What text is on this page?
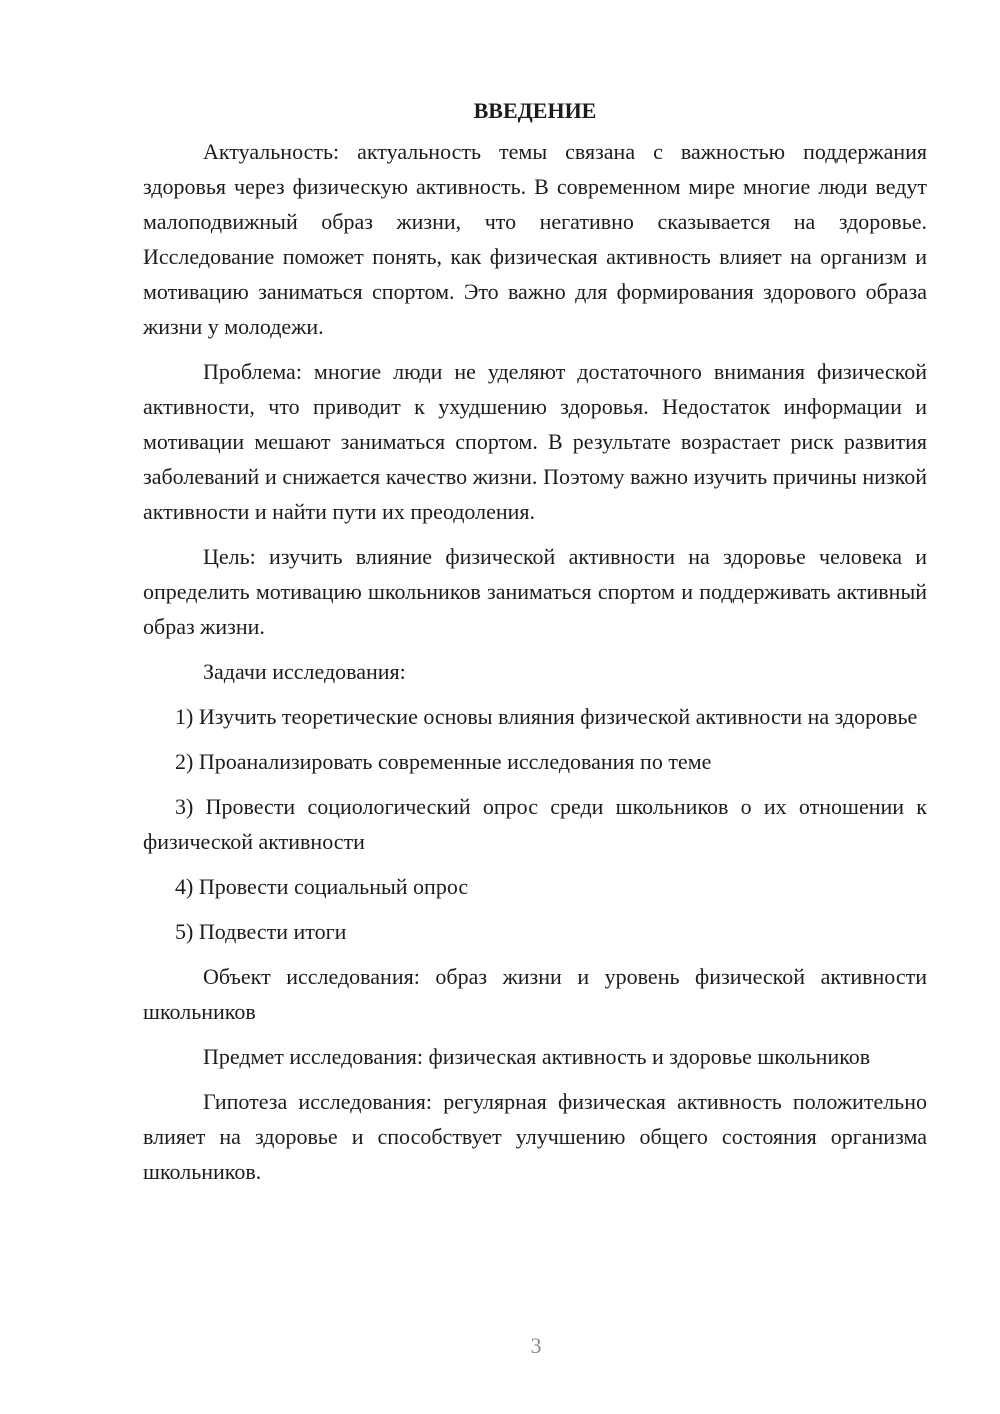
ВВЕДЕНИЕ

Актуальность: актуальность темы связана с важностью поддержания здоровья через физическую активность. В современном мире многие люди ведут малоподвижный образ жизни, что негативно сказывается на здоровье. Исследование поможет понять, как физическая активность влияет на организм и мотивацию заниматься спортом. Это важно для формирования здорового образа жизни у молодежи.

Проблема: многие люди не уделяют достаточного внимания физической активности, что приводит к ухудшению здоровья. Недостаток информации и мотивации мешают заниматься спортом. В результате возрастает риск развития заболеваний и снижается качество жизни. Поэтому важно изучить причины низкой активности и найти пути их преодоления.

Цель: изучить влияние физической активности на здоровье человека и определить мотивацию школьников заниматься спортом и поддерживать активный образ жизни.

Задачи исследования:

1) Изучить теоретические основы влияния физической активности на здоровье

2) Проанализировать современные исследования по теме

3) Провести социологический опрос среди школьников о их отношении к физической активности

4) Провести социальный опрос

5) Подвести итоги

Объект исследования: образ жизни и уровень физической активности школьников

Предмет исследования: физическая активность и здоровье школьников

Гипотеза исследования: регулярная физическая активность положительно влияет на здоровье и способствует улучшению общего состояния организма школьников.

3
